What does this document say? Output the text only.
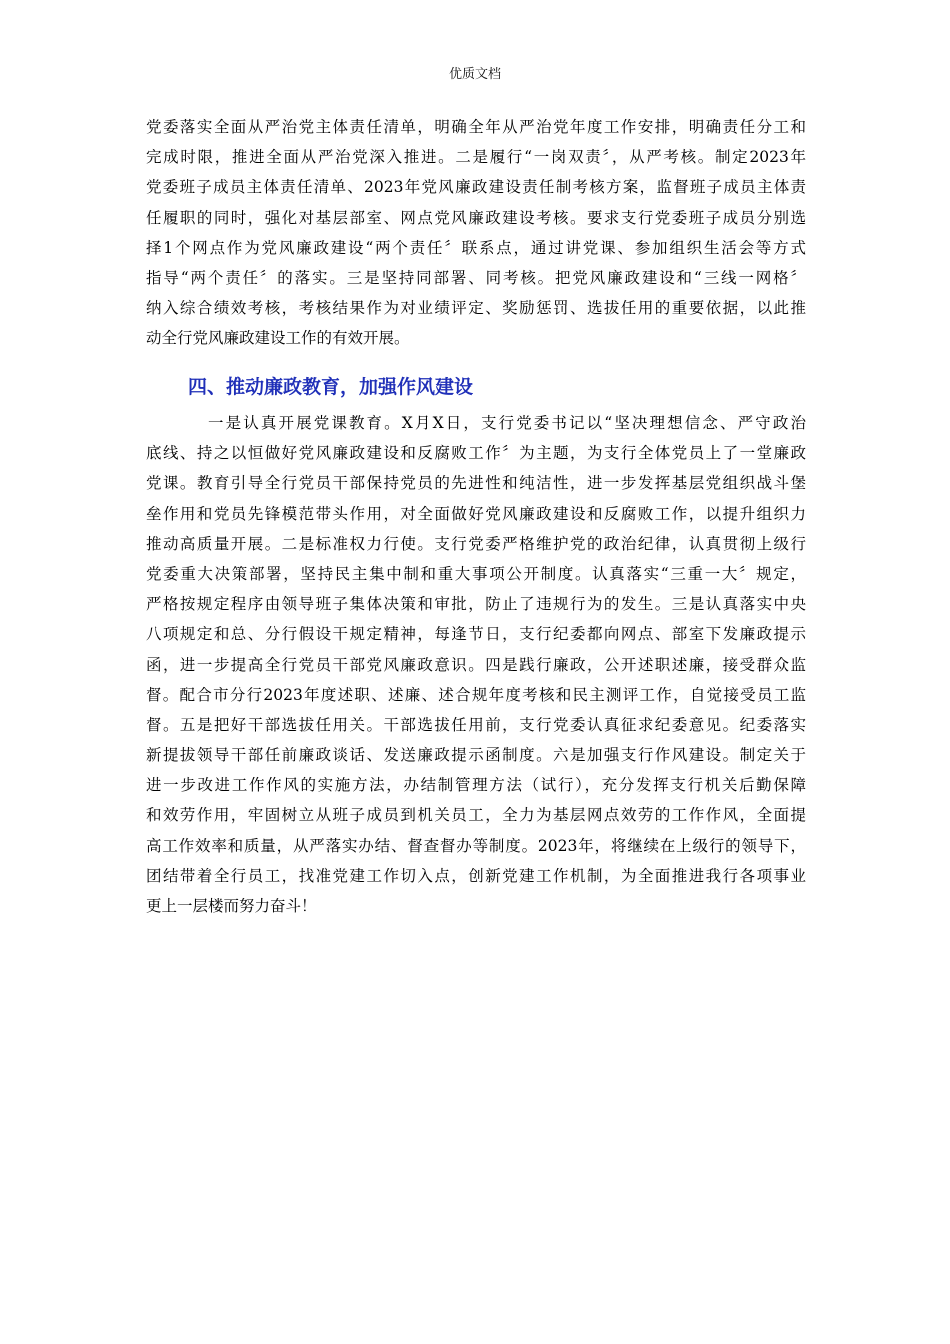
优质文档
党委落实全面从严治党主体责任清单，明确全年从严治党年度工作安排，明确责任分工和
完成时限，推进全面从严治党深入推进。二是履行“一岗双责〞，从严考核。制定2023年
党委班子成员主体责任清单、2023年党风廉政建设责任制考核方案，监督班子成员主体责
任履职的同时，强化对基层部室、网点党风廉政建设考核。要求支行党委班子成员分别选
择1个网点作为党风廉政建设“两个责任〞联系点，通过讲党课、参加组织生活会等方式
指导“两个责任〞的落实。三是坚持同部署、同考核。把党风廉政建设和“三线一网格〞
纳入综合绩效考核，考核结果作为对业绩评定、奖励惩罚、选拔任用的重要依据，以此推
动全行党风廉政建设工作的有效开展。
四、推动廉政教育，加强作风建设
一是认真开展党课教育。X月X日，支行党委书记以“坚决理想信念、严守政治
底线、持之以恒做好党风廉政建设和反腐败工作〞为主题，为支行全体党员上了一堂廉政
党课。教育引导全行党员干部保持党员的先进性和纯洁性，进一步发挥基层党组织战斗堡
垒作用和党员先锋模范带头作用，对全面做好党风廉政建设和反腐败工作，以提升组织力
推动高质量开展。二是标准权力行使。支行党委严格维护党的政治纪律，认真贯彻上级行
党委重大决策部署，坚持民主集中制和重大事项公开制度。认真落实“三重一大〞规定，
严格按规定程序由领导班子集体决策和审批，防止了违规行为的发生。三是认真落实中央
八项规定和总、分行假设干规定精神，每逢节日，支行纪委都向网点、部室下发廉政提示
函，进一步提高全行党员干部党风廉政意识。四是践行廉政，公开述职述廉，接受群众监
督。配合市分行2023年度述职、述廉、述合规年度考核和民主测评工作，自觉接受员工监
督。五是把好干部选拔任用关。干部选拔任用前，支行党委认真征求纪委意见。纪委落实
新提拔领导干部任前廉政谈话、发送廉政提示函制度。六是加强支行作风建设。制定关于
进一步改进工作作风的实施方法，办结制管理方法（试行），充分发挥支行机关后勤保障
和效劳作用，牢固树立从班子成员到机关员工，全力为基层网点效劳的工作作风，全面提
高工作效率和质量，从严落实办结、督查督办等制度。2023年，将继续在上级行的领导下，
团结带着全行员工，找准党建工作切入点，创新党建工作机制，为全面推进我行各项事业
更上一层楼而努力奋斗！
